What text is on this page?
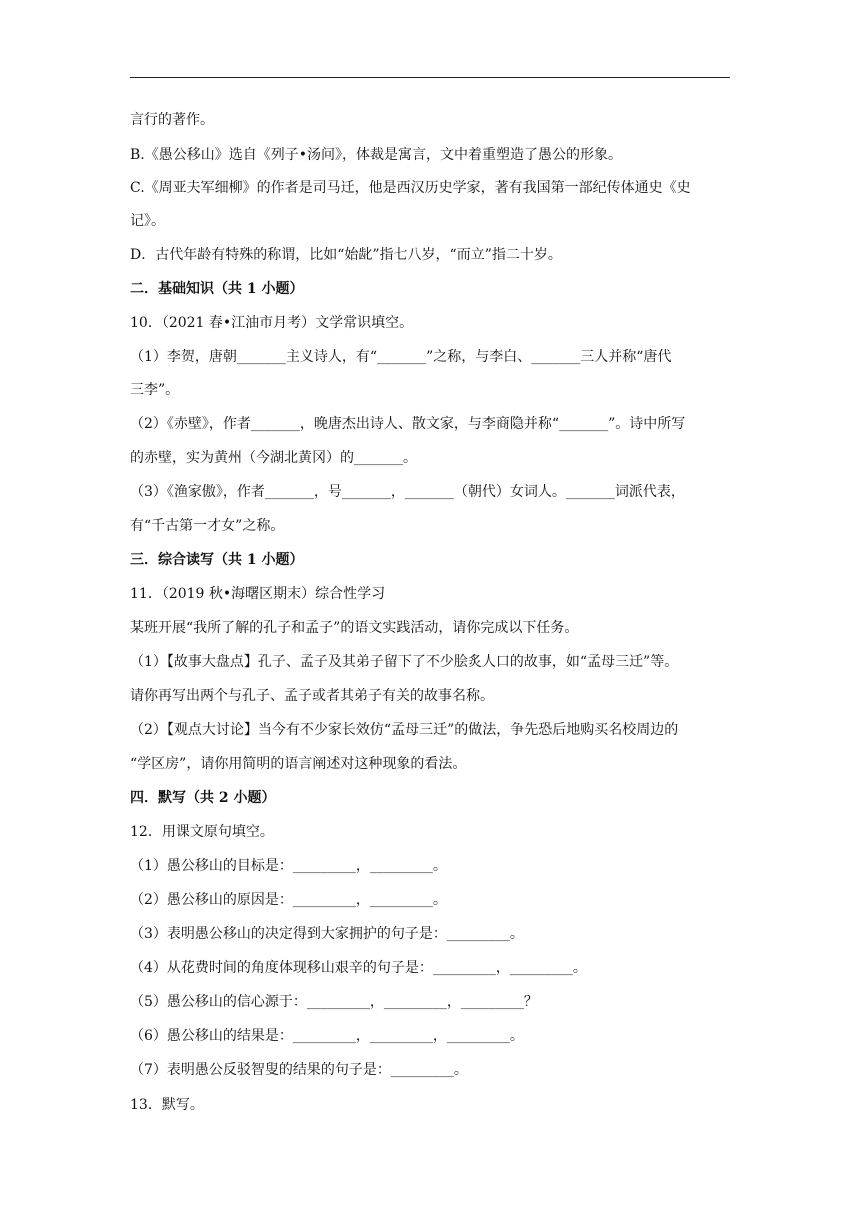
言行的著作。
B.《愚公移山》选自《列子•汤问》，体裁是寓言，文中着重塑造了愚公的形象。
C.《周亚夫军细柳》的作者是司马迁，他是西汉历史学家，著有我国第一部纪传体通史《史
记》。
D．古代年龄有特殊的称谓，比如“始龀”指七八岁，“而立”指二十岁。
二．基础知识（共 1 小题）
10．（2021 春•江油市月考）文学常识填空。
（1）李贺，唐朝_______主义诗人，有“_______”之称，与李白、_______三人并称“唐代
三李”。
（2）《赤壁》，作者_______，晚唐杰出诗人、散文家，与李商隐并称“_______”。诗中所写
的赤壁，实为黄州（今湖北黄冈）的_______。
（3）《渔家傲》，作者_______，号_______，_______（朝代）女词人。_______词派代表，
有“千古第一才女”之称。
三．综合读写（共 1 小题）
11．（2019 秋•海曙区期末）综合性学习
某班开展“我所了解的孔子和孟子”的语文实践活动，请你完成以下任务。
（1）【故事大盘点】孔子、孟子及其弟子留下了不少脍炙人口的故事，如“孟母三迁”等。
请你再写出两个与孔子、孟子或者其弟子有关的故事名称。
（2）【观点大讨论】当今有不少家长效仿“孟母三迁”的做法，争先恐后地购买名校周边的
“学区房”，请你用简明的语言阐述对这种现象的看法。
四．默写（共 2 小题）
12．用课文原句填空。
（1）愚公移山的目标是：_________，_________。
（2）愚公移山的原因是：_________，_________。
（3）表明愚公移山的决定得到大家拥护的句子是：_________。
（4）从花费时间的角度体现移山艰辛的句子是：_________，_________。
（5）愚公移山的信心源于：_________，_________，_________？
（6）愚公移山的结果是：_________，_________，_________。
（7）表明愚公反驳智叟的结果的句子是：_________。
13．默写。
